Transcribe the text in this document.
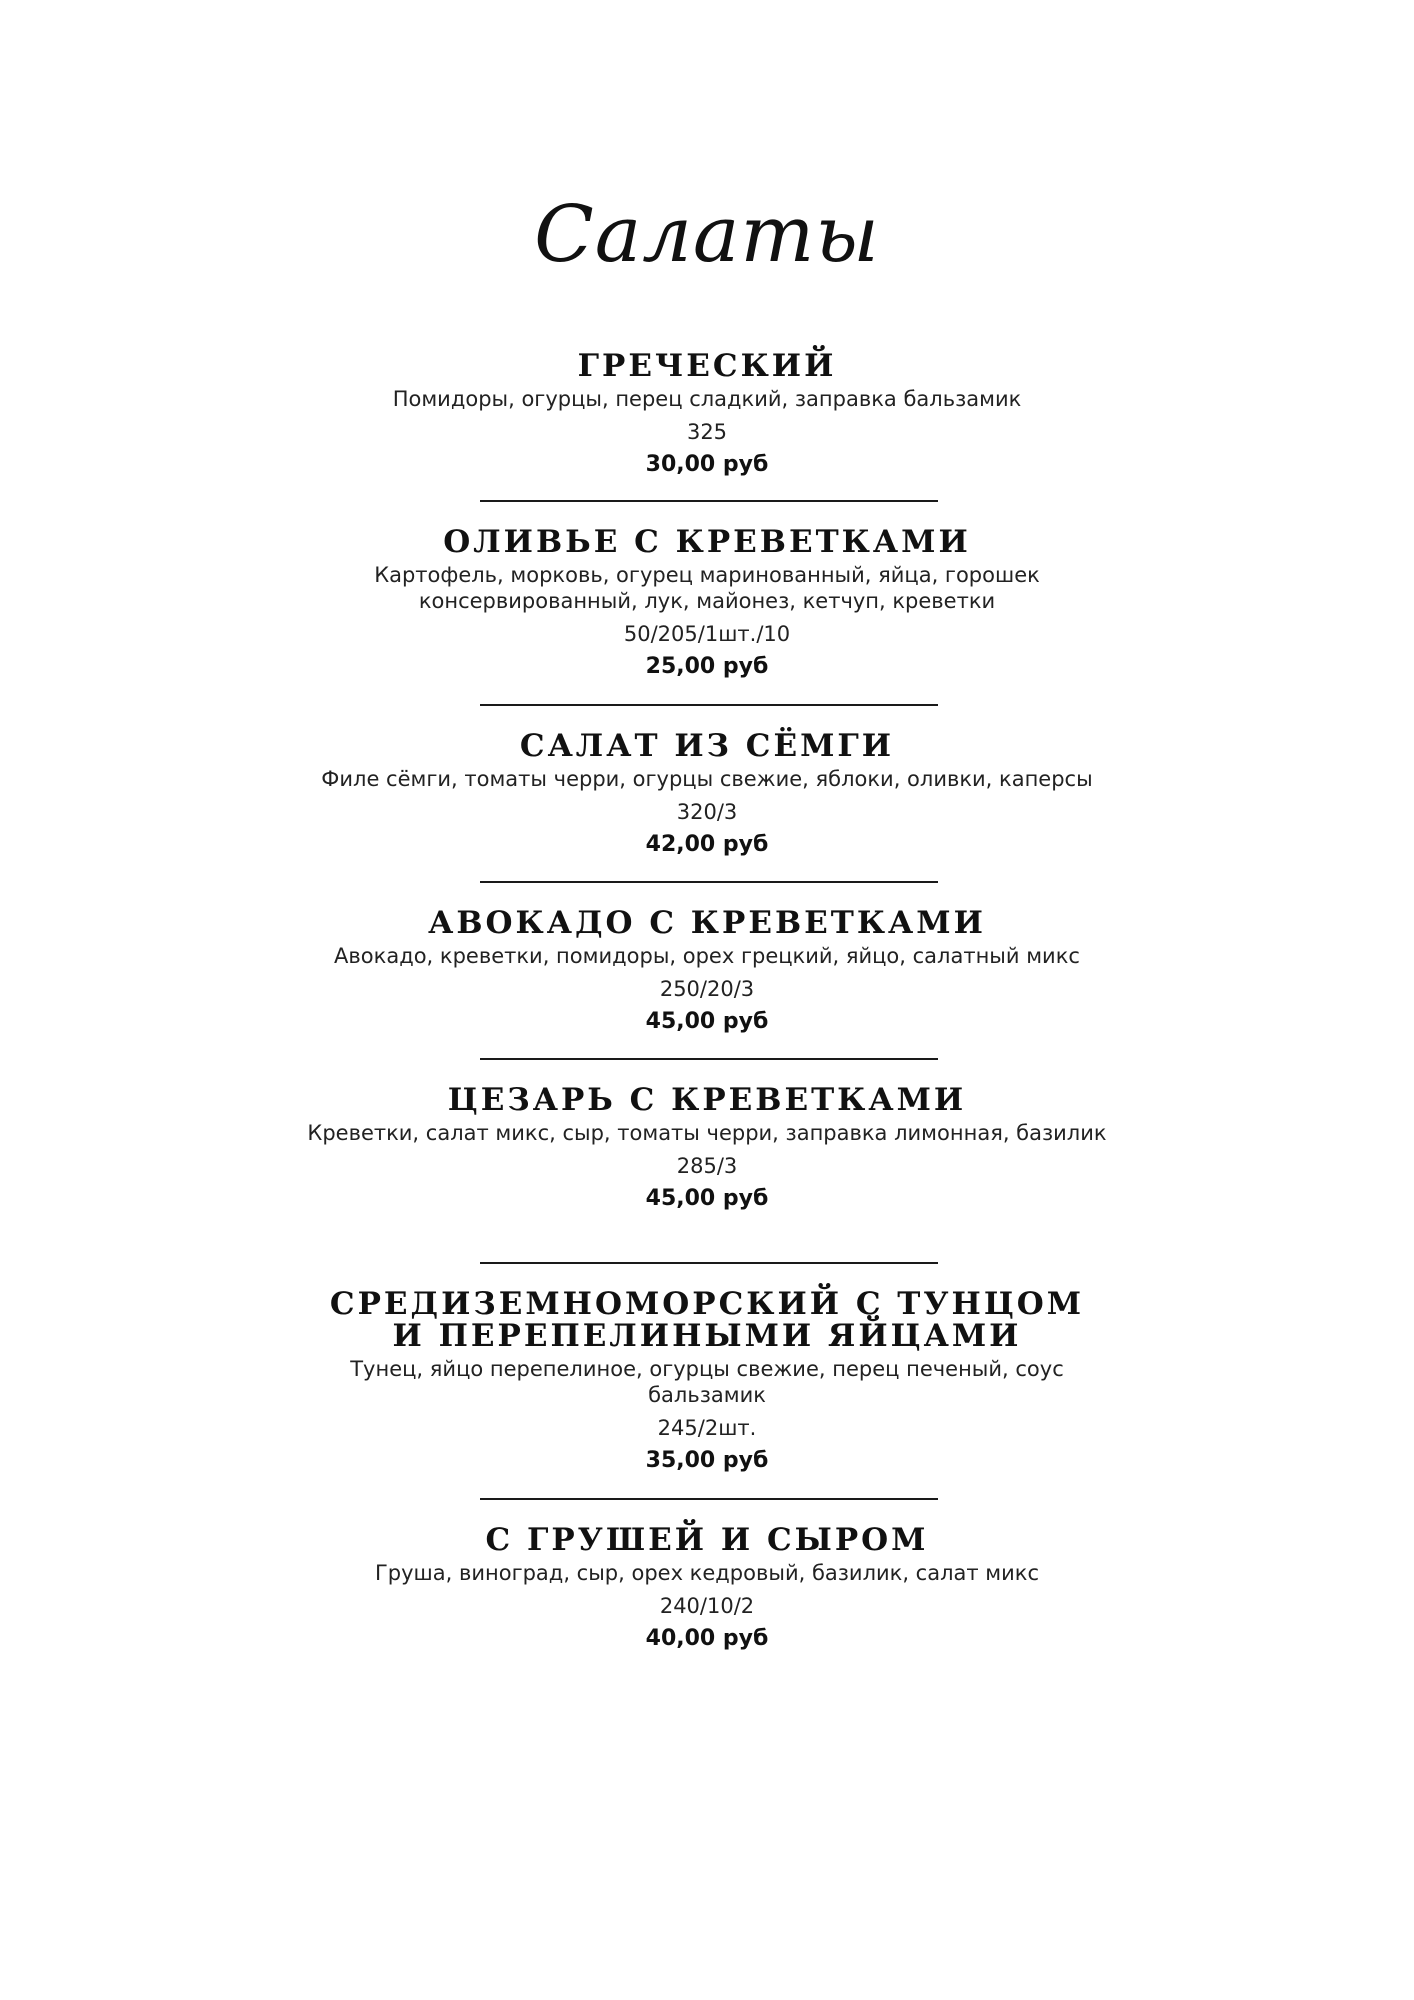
Салаты
ГРЕЧЕСКИЙ
Помидоры, огурцы, перец сладкий, заправка бальзамик
325
30,00 руб
ОЛИВЬЕ С КРЕВЕТКАМИ
Картофель, морковь, огурец маринованный, яйца, горошек консервированный, лук, майонез, кетчуп, креветки
50/205/1шт./10
25,00 руб
САЛАТ ИЗ СЁМГИ
Филе сёмги, томаты черри, огурцы свежие, яблоки, оливки, каперсы
320/3
42,00 руб
АВОКАДО С КРЕВЕТКАМИ
Авокадо, креветки, помидоры, орех грецкий, яйцо, салатный микс
250/20/3
45,00 руб
ЦЕЗАРЬ С КРЕВЕТКАМИ
Креветки, салат микс, сыр, томаты черри, заправка лимонная, базилик
285/3
45,00 руб
СРЕДИЗЕМНОМОРСКИЙ С ТУНЦОМ И ПЕРЕПЕЛИНЫМИ ЯЙЦАМИ
Тунец, яйцо перепелиное, огурцы свежие, перец печеный, соус бальзамик
245/2шт.
35,00 руб
С ГРУШЕЙ И СЫРОМ
Груша, виноград, сыр, орех кедровый, базилик, салат микс
240/10/2
40,00 руб
